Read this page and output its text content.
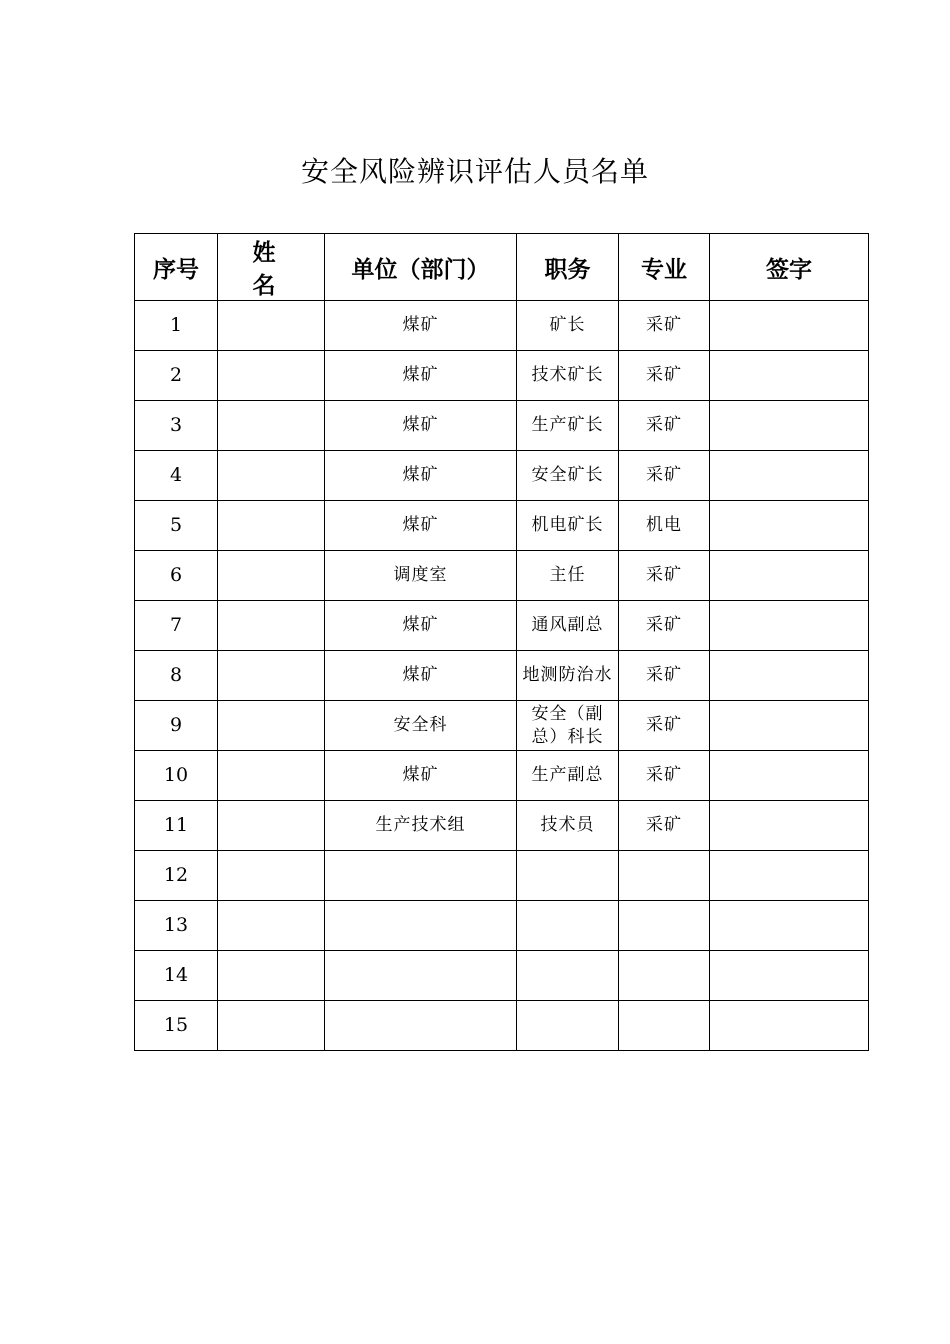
安全风险辨识评估人员名单
序号	姓　名	单位（部门）	职务	专业	签字
1		煤矿	矿长	采矿	
2		煤矿	技术矿长	采矿	
3		煤矿	生产矿长	采矿	
4		煤矿	安全矿长	采矿	
5		煤矿	机电矿长	机电	
6		调度室	主任	采矿	
7		煤矿	通风副总	采矿	
8		煤矿	地测防治水	采矿	
9		安全科	安全（副总）科长	采矿	
10		煤矿	生产副总	采矿	
11		生产技术组	技术员	采矿	
12					
13					
14					
15					
